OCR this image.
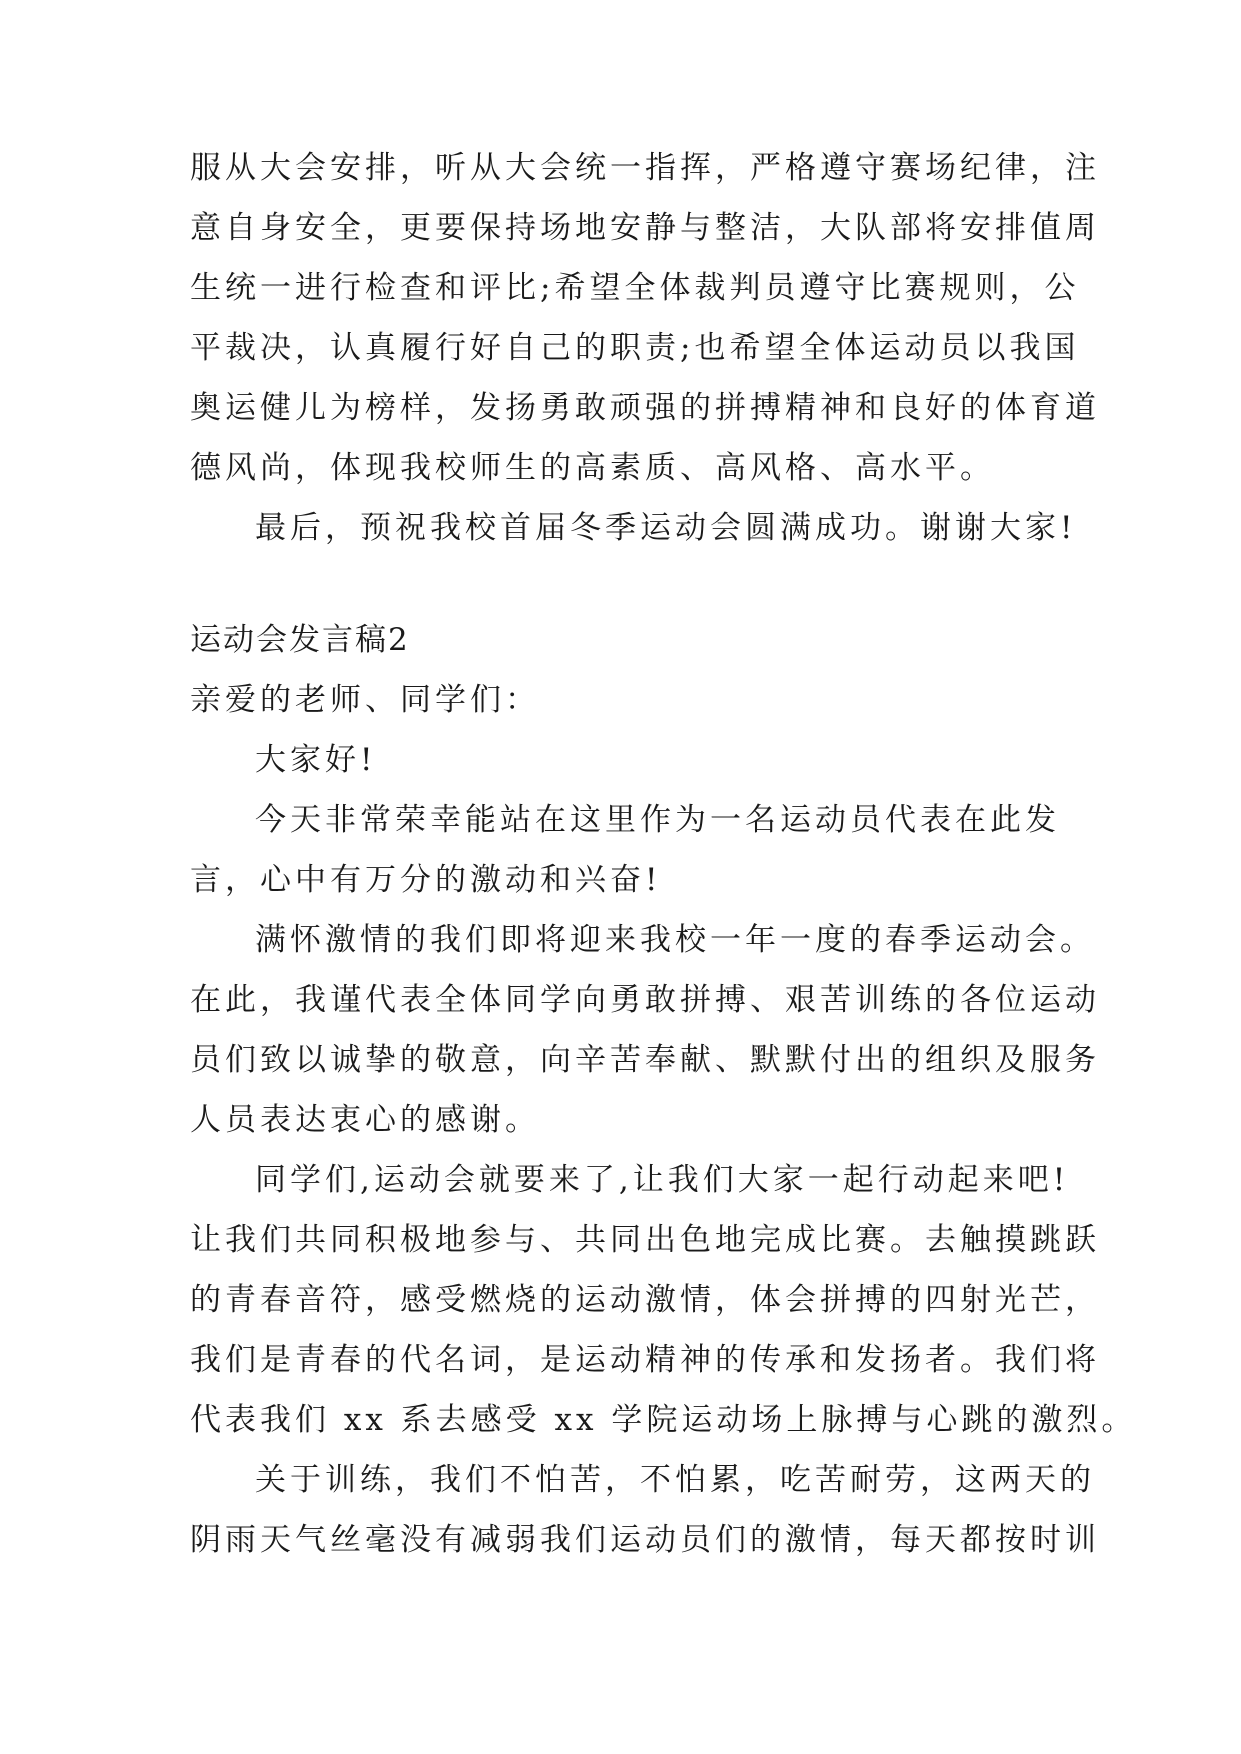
服从大会安排，听从大会统一指挥，严格遵守赛场纪律，注
意自身安全，更要保持场地安静与整洁，大队部将安排值周
生统一进行检查和评比;希望全体裁判员遵守比赛规则，公
平裁决，认真履行好自己的职责;也希望全体运动员以我国
奥运健儿为榜样，发扬勇敢顽强的拼搏精神和良好的体育道
德风尚，体现我校师生的高素质、高风格、高水平。
最后，预祝我校首届冬季运动会圆满成功。谢谢大家!
运动会发言稿2
亲爱的老师、同学们：
大家好!
今天非常荣幸能站在这里作为一名运动员代表在此发
言，心中有万分的激动和兴奋!
满怀激情的我们即将迎来我校一年一度的春季运动会。
在此，我谨代表全体同学向勇敢拼搏、艰苦训练的各位运动
员们致以诚挚的敬意，向辛苦奉献、默默付出的组织及服务
人员表达衷心的感谢。
同学们,运动会就要来了,让我们大家一起行动起来吧!
让我们共同积极地参与、共同出色地完成比赛。去触摸跳跃
的青春音符，感受燃烧的运动激情，体会拼搏的四射光芒，
我们是青春的代名词，是运动精神的传承和发扬者。我们将
代表我们 xx 系去感受 xx 学院运动场上脉搏与心跳的激烈。
关于训练，我们不怕苦，不怕累，吃苦耐劳，这两天的
阴雨天气丝毫没有减弱我们运动员们的激情，每天都按时训
